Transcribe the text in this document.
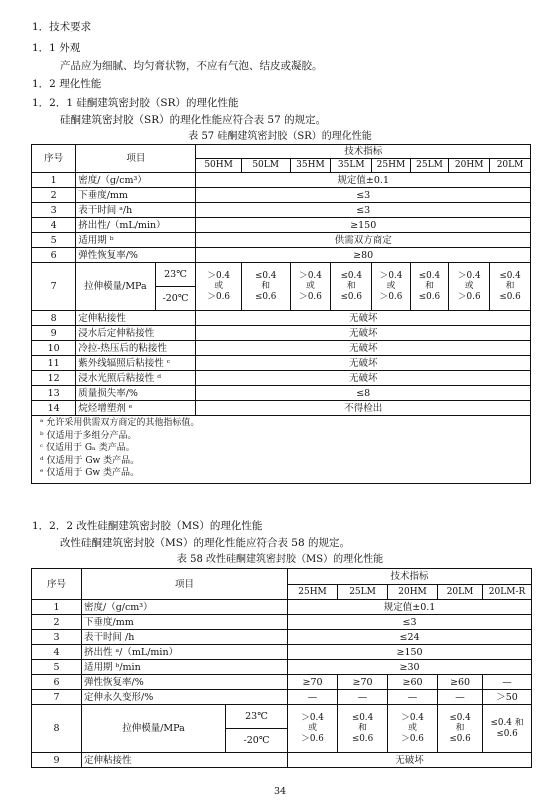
1．技术要求
1．1 外观
产品应为细腻、均匀膏状物，不应有气泡、结皮或凝胶。
1．2 理化性能
1．2．1 硅酮建筑密封胶（SR）的理化性能
硅酮建筑密封胶（SR）的理化性能应符合表 57 的规定。
表 57 硅酮建筑密封胶（SR）的理化性能
序号	项目		技术指标							
			50HM	50LM	35HM	35LM	25HM	25LM	20HM	20LM
1	密度/（g/cm³）		规定值±0.1							
2	下垂度/mm		≤3							
3	表干时间 ᵃ/h		≤3							
4	挤出性/（mL/min）		≥150							
5	适用期 ᵇ		供需双方商定							
6	弹性恢复率/%		≥80							
7	拉伸模量/MPa	23℃	＞0.4
或
＞0.6	≤0.4
和
≤0.6	＞0.4
或
＞0.6	≤0.4
和
≤0.6	＞0.4
或
＞0.6	≤0.4
和
≤0.6	＞0.4
或
＞0.6	≤0.4
和
≤0.6

		-20℃								
8	定伸粘接性		无破坏							
9	浸水后定伸粘接性		无破坏							
10	冷拉-热压后的粘接性		无破坏							
11	紫外线辐照后粘接性 ᶜ		无破坏							
12	浸水光照后粘接性 ᵈ		无破坏							
13	质量损失率/%		≤8							
14	烷烃增塑剂 ᵉ		不得检出							

ᵃ 允许采用供需双方商定的其他指标值。
ᵇ 仅适用于多组分产品。
ᶜ 仅适用于 Gₙ 类产品。
ᵈ 仅适用于 Gw 类产品。
ᵉ 仅适用于 Gw 类产品。										
1．2．2 改性硅酮建筑密封胶（MS）的理化性能
改性硅酮建筑密封胶（MS）的理化性能应符合表 58 的规定。
表 58 改性硅酮建筑密封胶（MS）的理化性能
序号	项目		技术指标				
			25HM	25LM	20HM	20LM	20LM-R
1	密度/（g/cm³）		规定值±0.1				
2	下垂度/mm		≤3				
3	表干时间 /h		≤24				
4	挤出性 ᵃ/（mL/min）		≥150				
5	适用期 ᵇ/min		≥30				
6	弹性恢复率/%		≥70	≥70	≥60	≥60	—
7	定伸永久变形/%		—	—	—	—	＞50
8	拉伸模量/MPa	23℃	＞0.4
或
＞0.6	≤0.4
和
≤0.6	＞0.4
或
＞0.6	≤0.4
和
≤0.6	≤0.4 和
≤0.6

		-20℃					
9	定伸粘接性		无破坏				
34
